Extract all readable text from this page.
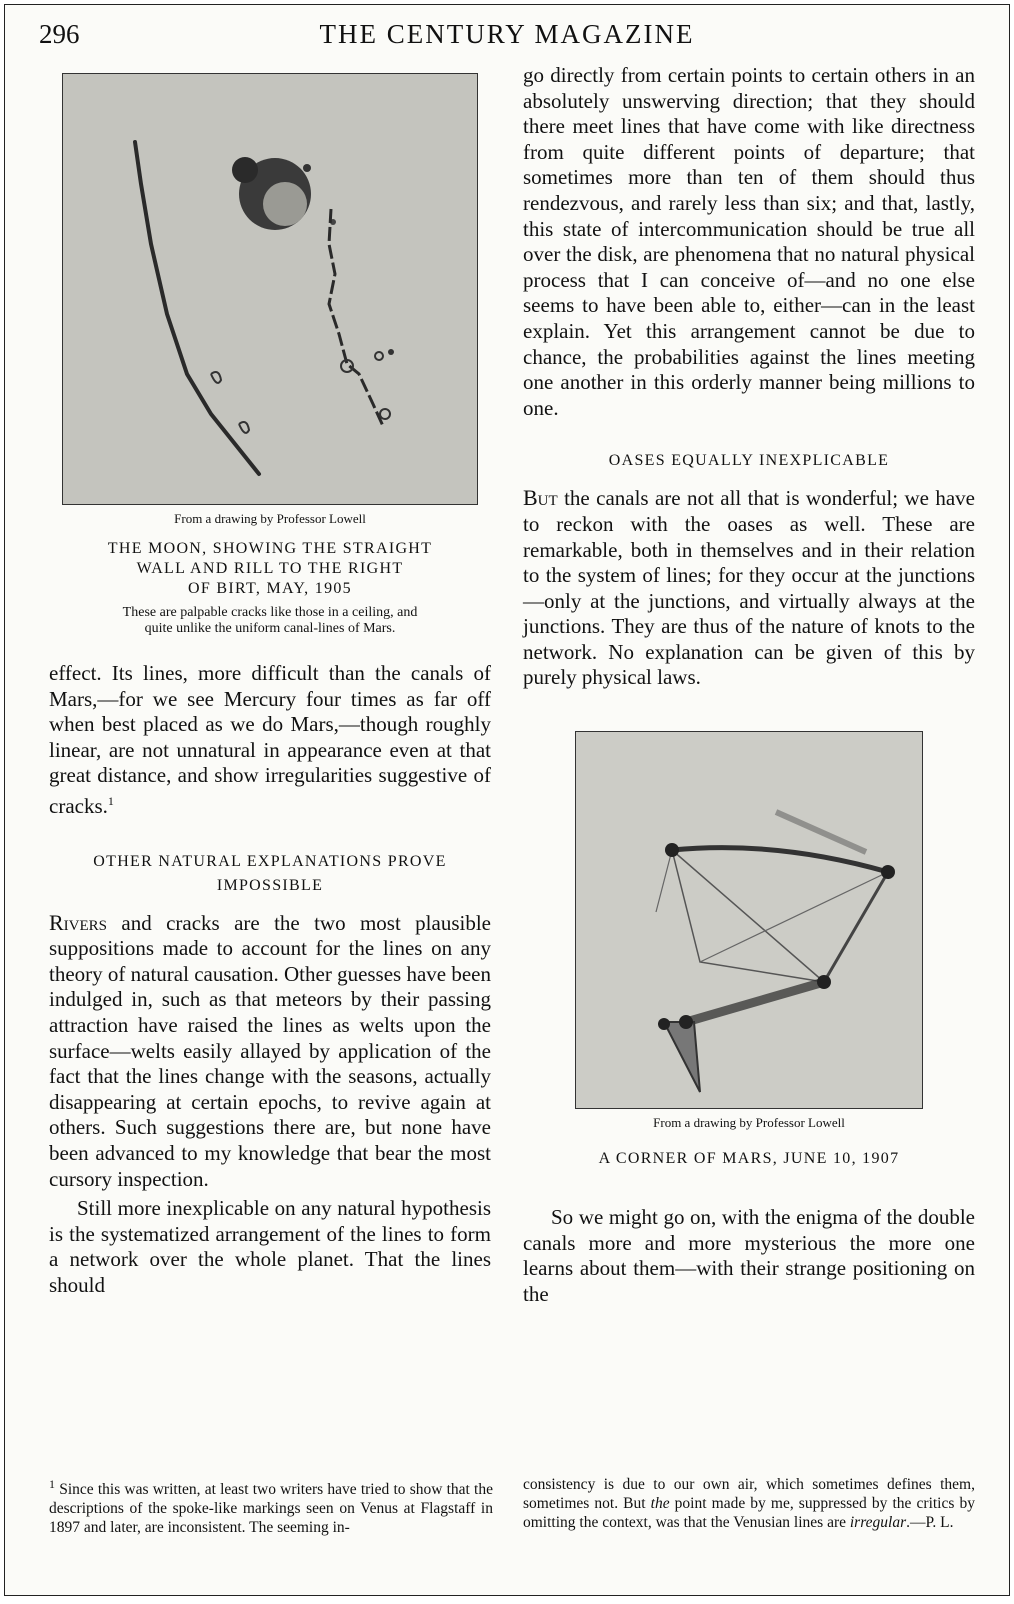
296	THE CENTURY MAGAZINE
From a drawing by Professor Lowell
THE MOON, SHOWING THE STRAIGHT
WALL AND RILL TO THE RIGHT
OF BIRT, MAY, 1905
These are palpable cracks like those in a ceiling, and
quite unlike the uniform canal-lines of Mars.

effect. Its lines, more difficult than the canals of Mars,—for we see Mercury four times as far off when best placed as we do Mars,—though roughly linear, are not unnatural in appearance even at that great distance, and show irregularities suggestive of cracks.$^1$

OTHER NATURAL EXPLANATIONS PROVE
IMPOSSIBLE

Rivers and cracks are the two most plausible suppositions made to account for the lines on any theory of natural causation. Other guesses have been indulged in, such as that meteors by their passing attraction have raised the lines as welts upon the surface—welts easily allayed by application of the fact that the lines change with the seasons, actually disappearing at certain epochs, to revive again at others. Such suggestions there are, but none have been advanced to my knowledge that bear the most cursory inspection.

Still more inexplicable on any natural hypothesis is the systematized arrangement of the lines to form a network over the whole planet. That the lines should

go directly from certain points to certain others in an absolutely unswerving direction; that they should there meet lines that have come with like directness from quite different points of departure; that sometimes more than ten of them should thus rendezvous, and rarely less than six; and that, lastly, this state of intercommunication should be true all over the disk, are phenomena that no natural physical process that I can conceive of—and no one else seems to have been able to, either—can in the least explain. Yet this arrangement cannot be due to chance, the probabilities against the lines meeting one another in this orderly manner being millions to one.

OASES EQUALLY INEXPLICABLE

But the canals are not all that is wonderful; we have to reckon with the oases as well. These are remarkable, both in themselves and in their relation to the system of lines; for they occur at the junctions—only at the junctions, and virtually always at the junctions. They are thus of the nature of knots to the network. No explanation can be given of this by purely physical laws.

From a drawing by Professor Lowell
A CORNER OF MARS, JUNE 10, 1907

So we might go on, with the enigma of the double canals more and more mysterious the more one learns about them—with their strange positioning on the

$^1$ Since this was written, at least two writers have tried to show that the descriptions of the spoke-like markings seen on Venus at Flagstaff in 1897 and later, are inconsistent. The seeming in-
consistency is due to our own air, which sometimes defines them, sometimes not. But the point made by me, suppressed by the critics by omitting the context, was that the Venusian lines are irregular.—P. L.
